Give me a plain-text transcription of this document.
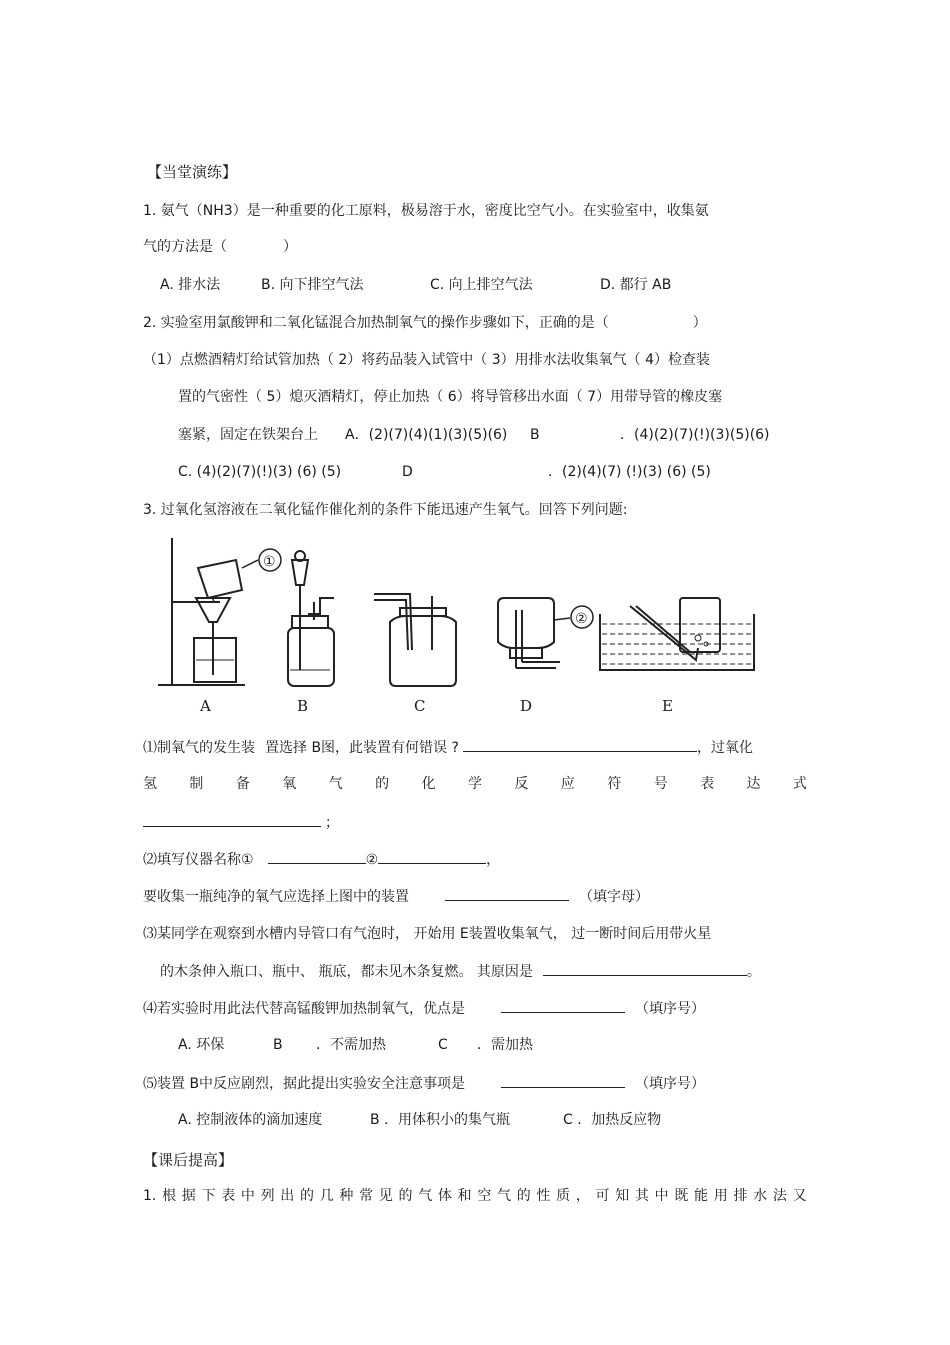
【当堂演练】
1. 氨气（NH3）是一种重要的化工原料，极易溶于水，密度比空气小。在实验室中，收集氨
气的方法是（　　　　）
A. 排水法	B. 向下排空气法	C. 向上排空气法	D. 都行 AB
2. 实验室用氯酸钾和二氧化锰混合加热制氧气的操作步骤如下，正确的是（　　　　　　）
（1）点燃酒精灯给试管加热（ 2）将药品装入试管中（ 3）用排水法收集氧气（ 4）检查装
置的气密性（ 5）熄灭酒精灯，停止加热（ 6）将导管移出水面（ 7）用带导管的橡皮塞
塞紧，固定在铁架台上 A．(2)(7)(4)(1)(3)(5)(6) B	．(4)(2)(7)(!)(3)(5)(6)
C. (4)(2)(7)(!)(3) (6) (5)	D	．(2)(4)(7) (!)(3) (6) (5)
3. 过氧化氢溶液在二氧化锰作催化剂的条件下能迅速产生氧气。回答下列问题:
①
②
A	B	C	D	E
⑴制氧气的发生装 置选择 B图，此装置有何错误 ?	，过氧化
氢 制 备 氧 气 的 化 学 反 应 符 号 表 达 式
；
⑵填写仪器名称①	②	，
要收集一瓶纯净的氧气应选择上图中的装置	（填字母）
⑶某同学在观察到水槽内导管口有气泡时， 开始用 E装置收集氧气， 过一断时间后用带火星
的木条伸入瓶口、瓶中、 瓶底，都未见木条复燃。 其原因是	。
⑷若实验时用此法代替高锰酸钾加热制氧气，优点是	（填序号）
A. 环保	B ．不需加热	C ．需加热
⑸装置 B中反应剧烈，据此提出实验安全注意事项是	（填序号）
A. 控制液体的滴加速度	B ．用体积小的集气瓶	C ．加热反应物
【课后提高】
1. 根 据 下 表 中 列 出 的 几 种 常 见 的 气 体 和 空 气 的 性 质 ， 可 知 其 中 既 能 用 排 水 法 又
